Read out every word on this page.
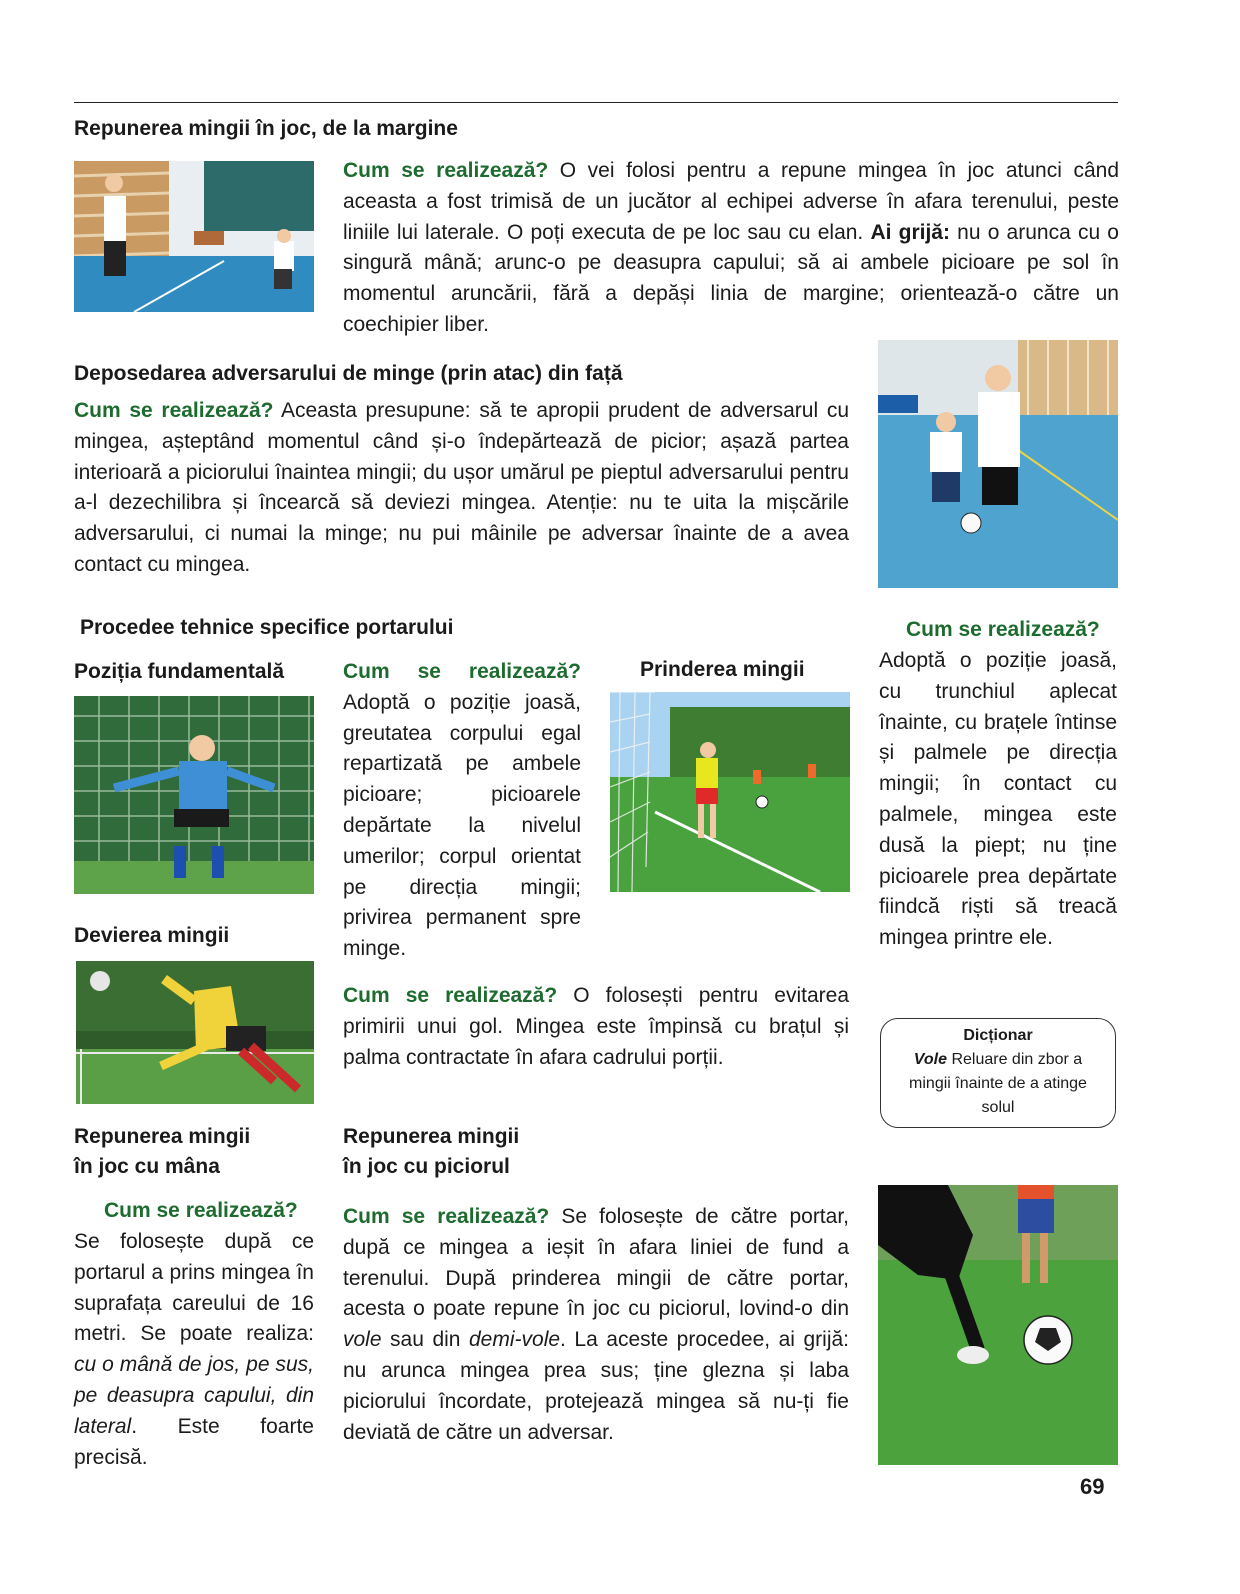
Repunerea mingii în joc, de la margine

Cum se realizează? O vei folosi pentru a repune mingea în joc atunci când aceasta a fost trimisă de un jucător al echipei adverse în afara terenului, peste liniile lui laterale. O poți executa de pe loc sau cu elan. Ai grijă: nu o arunca cu o singură mână; arunc-o pe deasupra capului; să ai ambele picioare pe sol în momentul aruncării, fără a depăși linia de margine; orientează-o către un coechipier liber.

Deposedarea adversarului de minge (prin atac) din față

Cum se realizează? Aceasta presupune: să te apropii prudent de adversarul cu mingea, așteptând momentul când și-o îndepărtează de picior; așază partea interioară a piciorului înaintea mingii; du ușor umărul pe pieptul adversarului pentru a-l dezechilibra și încearcă să deviezi mingea. Atenție: nu te uita la mișcările adversarului, ci numai la minge; nu pui mâinile pe adversar înainte de a avea contact cu mingea.

Procedee tehnice specifice portarului
Poziția fundamentală	Cum se realizează?
Adoptă o poziție joasă, greutatea corpului egal repartizată pe ambele picioare; picioarele depărtate la nivelul umerilor; corpul orientat pe direcția mingii; privirea permanent spre minge.

Prinderea mingii

Cum se realizează?

Adoptă o poziție joasă, cu trunchiul aplecat înainte, cu brațele întinse și palmele pe direcția mingii; în contact cu palmele, mingea este dusă la piept; nu ține picioarele prea depărtate fiindcă riști să treacă mingea printre ele.

Devierea mingii

Cum se realizează? O folosești pentru evitarea primirii unui gol. Mingea este împinsă cu brațul și palma contractate în afara cadrului porții.

Dicționar
Vole Reluare din zbor a mingii înainte de a atinge solul
Repunerea mingii
în joc cu mâna

Cum se realizează?

Se folosește după ce portarul a prins mingea în suprafața careului de 16 metri. Se poate realiza: cu o mână de jos, pe sus, pe deasupra capului, din lateral. Este foarte precisă.

Repunerea mingii
în joc cu piciorul

Cum se realizează? Se folosește de către portar, după ce mingea a ieșit în afara liniei de fund a terenului. După prinderea mingii de către portar, acesta o poate repune în joc cu piciorul, lovind-o din vole sau din demi-vole. La aceste procedee, ai grijă: nu arunca mingea prea sus; ține glezna și laba piciorului încordate, protejează mingea să nu-ți fie deviată de către un adversar.

69
